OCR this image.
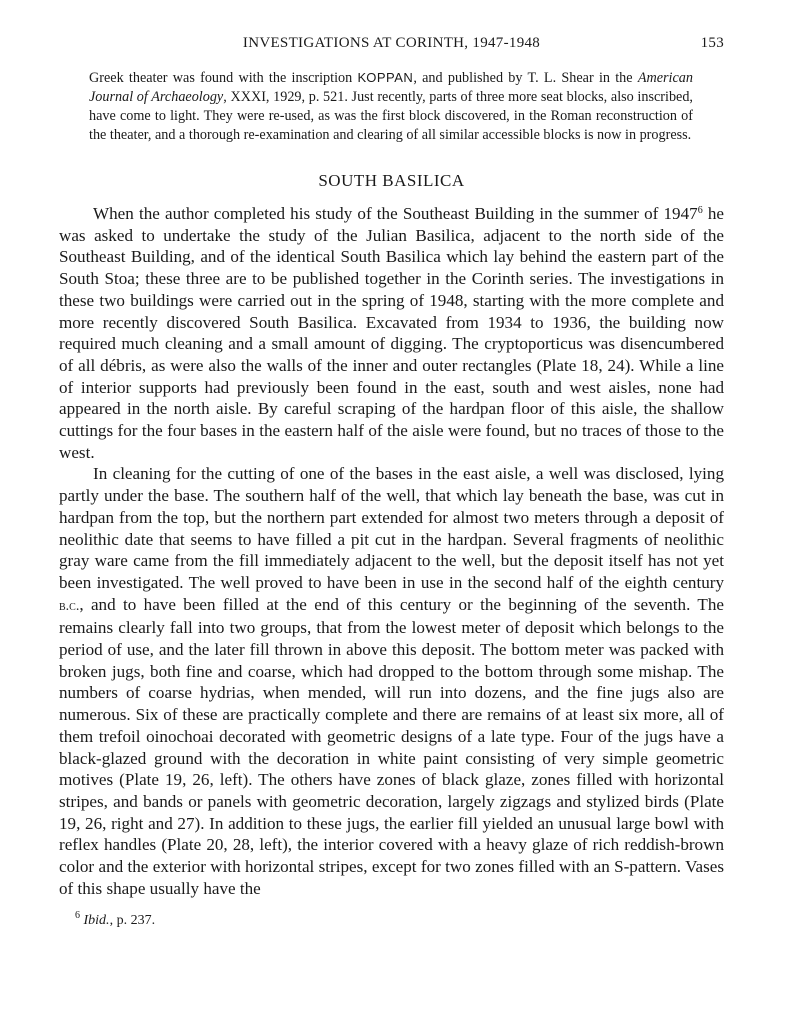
INVESTIGATIONS AT CORINTH, 1947-1948	153
Greek theater was found with the inscription ΚΟΡΡΑΝ, and published by T. L. Shear in the American Journal of Archaeology, XXXI, 1929, p. 521. Just recently, parts of three more seat blocks, also inscribed, have come to light. They were re-used, as was the first block discovered, in the Roman reconstruction of the theater, and a thorough re-examination and clearing of all similar accessible blocks is now in progress.
SOUTH BASILICA

When the author completed his study of the Southeast Building in the summer of 1947$^6$ he was asked to undertake the study of the Julian Basilica, adjacent to the north side of the Southeast Building, and of the identical South Basilica which lay behind the eastern part of the South Stoa; these three are to be published together in the Corinth series. The investigations in these two buildings were carried out in the spring of 1948, starting with the more complete and more recently discovered South Basilica. Excavated from 1934 to 1936, the building now required much cleaning and a small amount of digging. The cryptoporticus was disencumbered of all débris, as were also the walls of the inner and outer rectangles (Plate 18, 24). While a line of interior supports had previously been found in the east, south and west aisles, none had appeared in the north aisle. By careful scraping of the hardpan floor of this aisle, the shallow cuttings for the four bases in the eastern half of the aisle were found, but no traces of those to the west.

In cleaning for the cutting of one of the bases in the east aisle, a well was disclosed, lying partly under the base. The southern half of the well, that which lay beneath the base, was cut in hardpan from the top, but the northern part extended for almost two meters through a deposit of neolithic date that seems to have filled a pit cut in the hardpan. Several fragments of neolithic gray ware came from the fill immediately adjacent to the well, but the deposit itself has not yet been investigated. The well proved to have been in use in the second half of the eighth century b.c., and to have been filled at the end of this century or the beginning of the seventh. The remains clearly fall into two groups, that from the lowest meter of deposit which belongs to the period of use, and the later fill thrown in above this deposit. The bottom meter was packed with broken jugs, both fine and coarse, which had dropped to the bottom through some mishap. The numbers of coarse hydrias, when mended, will run into dozens, and the fine jugs also are numerous. Six of these are practically complete and there are remains of at least six more, all of them trefoil oinochoai decorated with geometric designs of a late type. Four of the jugs have a black-glazed ground with the decoration in white paint consisting of very simple geometric motives (Plate 19, 26, left). The others have zones of black glaze, zones filled with horizontal stripes, and bands or panels with geometric decoration, largely zigzags and stylized birds (Plate 19, 26, right and 27). In addition to these jugs, the earlier fill yielded an unusual large bowl with reflex handles (Plate 20, 28, left), the interior covered with a heavy glaze of rich reddish-brown color and the exterior with horizontal stripes, except for two zones filled with an S-pattern. Vases of this shape usually have the

$^6$ Ibid., p. 237.
